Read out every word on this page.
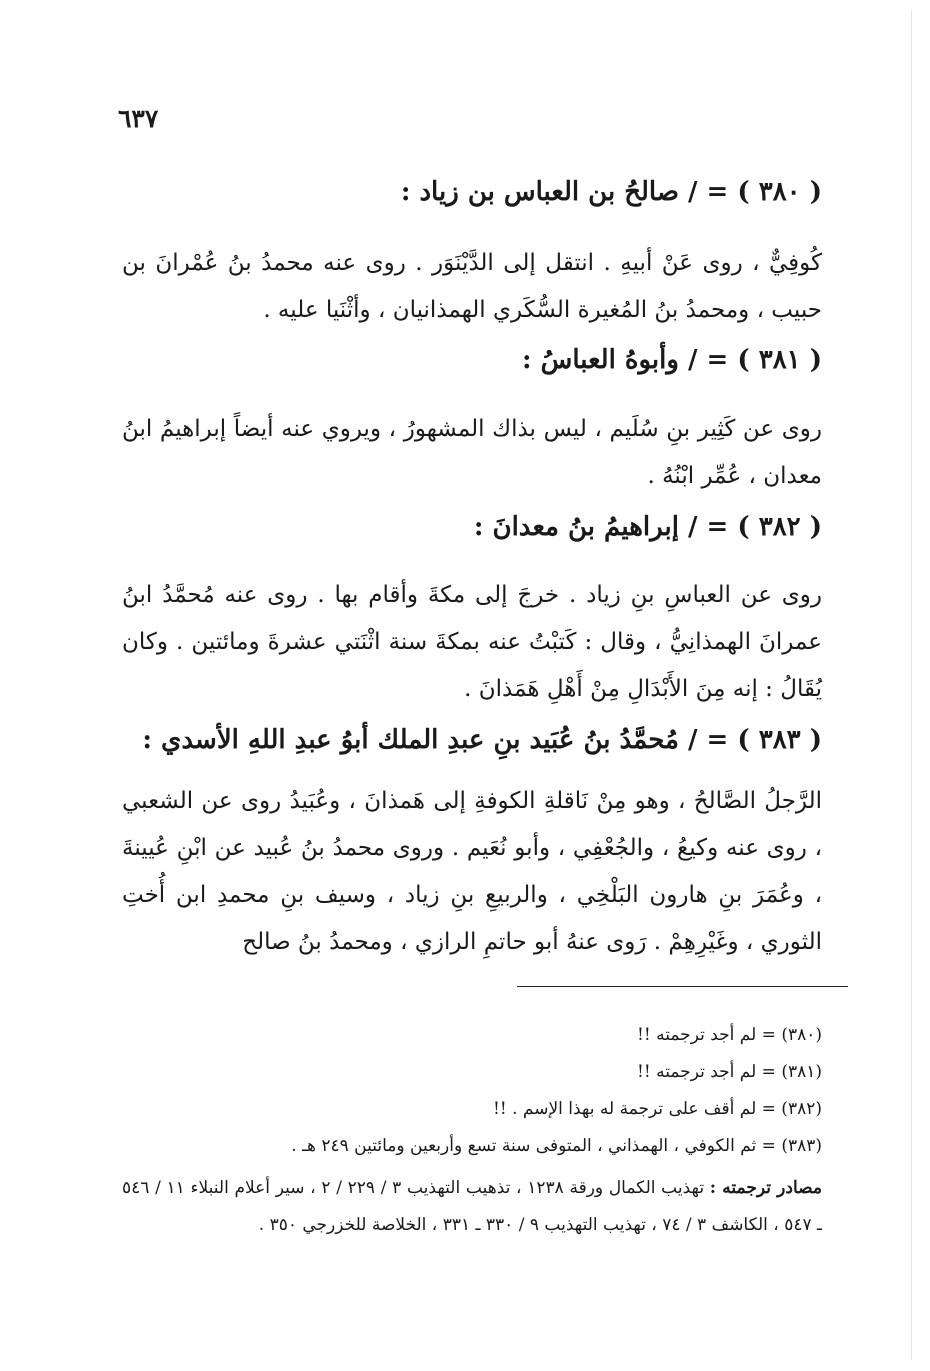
٦٣٧
( ٣٨٠ ) = / صالحُ بن العباس بن زياد :
كُوفِيٌّ ، روى عَنْ أبيهِ . انتقل إلى الدَّيْنَوَر . روى عنه محمدُ بنُ عُمْرانَ بن حبيب ، ومحمدُ بنُ المُغيرة السُّكَري الهمذانيان ، وأثْنَيا عليه .
( ٣٨١ ) = / وأبوهُ العباسُ :
روى عن كَثِير بنِ سُلَيم ، ليس بذاك المشهورُ ، ويروي عنه أيضاً إبراهيمُ ابنُ معدان ، عُمِّر ابْنُهُ .
( ٣٨٢ ) = / إبراهيمُ بنُ معدانَ :
روى عن العباسِ بنِ زياد . خرجَ إلى مكةَ وأقام بها . روى عنه مُحمَّدُ ابنُ عمرانَ الهمذانِيُّ ، وقال : كَتبْتُ عنه بمكةَ سنة اثْنَتي عشرةَ ومائتين . وكان يُقَالُ : إنه مِنَ الأَبْدَالِ مِنْ أَهْلِ هَمَذانَ .
( ٣٨٣ ) = / مُحمَّدُ بنُ عُبَيد بنِ عبدِ الملك أبوُ عبدِ اللهِ الأسدي :
الرَّجلُ الصَّالحُ ، وهو مِنْ نَاقلةِ الكوفةِ إلى هَمذانَ ، وعُبَيدُ روى عن الشعبي ، روى عنه وكيعُ ، والجُعْفِي ، وأبو نُعَيم . وروى محمدُ بنُ عُبيد عن ابْنِ عُيينةَ ، وعُمَرَ بنِ هارون البَلْخِي ، والربيعِ بنِ زياد ، وسيف بنِ محمدِ ابن أُختِ الثوري ، وغَيْرِهِمْ . رَوى عنهُ أبو حاتمِ الرازي ، ومحمدُ بنُ صالح
(٣٨٠) = لم أجد ترجمته !!
(٣٨١) = لم أجد ترجمته !!
(٣٨٢) = لم أقف على ترجمة له بهذا الإسم . !!
(٣٨٣) = ثم الكوفي ، الهمذاني ، المتوفى سنة تسع وأربعين ومائتين ٢٤٩ هـ .
مصادر ترجمته : تهذيب الكمال ورقة ١٢٣٨ ، تذهيب التهذيب ٣ / ٢٢٩ / ٢ ، سير أعلام النبلاء ١١ / ٥٤٦ ـ ٥٤٧ ، الكاشف ٣ / ٧٤ ، تهذيب التهذيب ٩ / ٣٣٠ ـ ٣٣١ ، الخلاصة للخزرجي ٣٥٠ .
